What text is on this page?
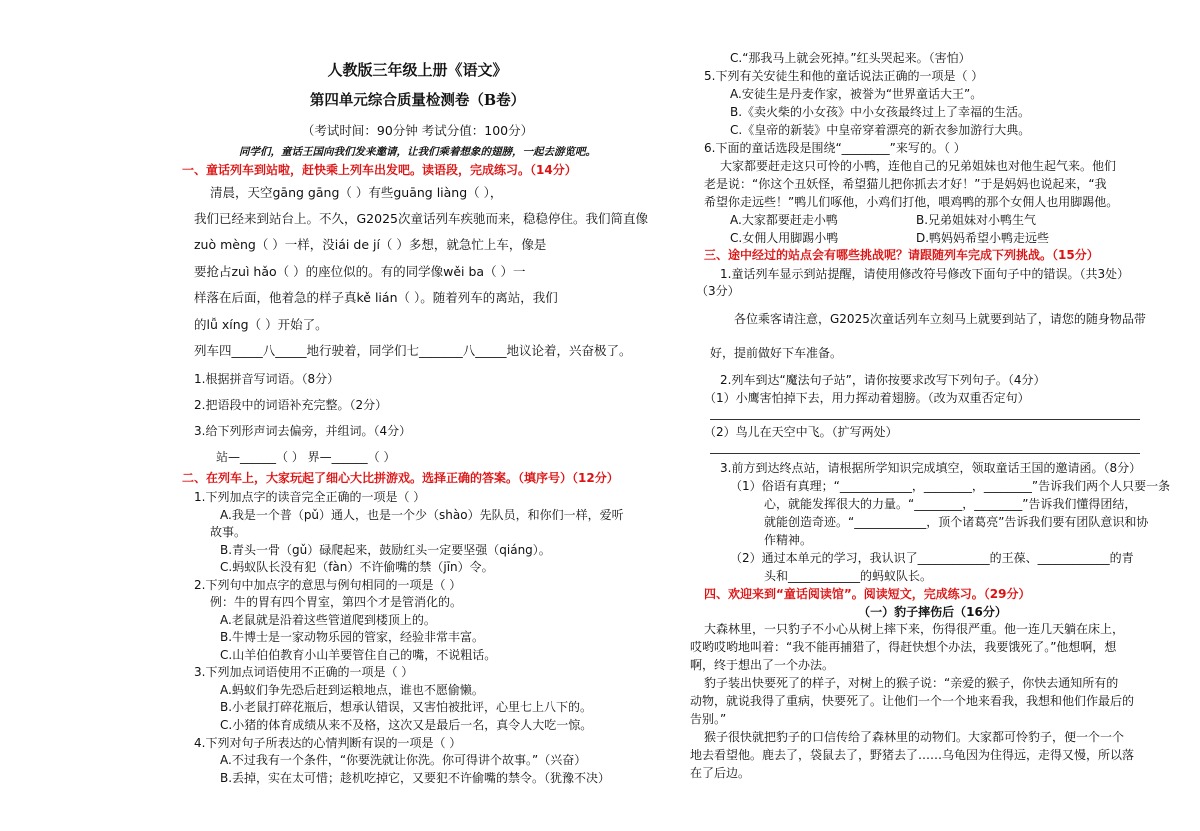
人教版三年级上册《语文》
第四单元综合质量检测卷（B卷）
（考试时间：90分钟 考试分值：100分）
同学们，童话王国向我们发来邀请，让我们乘着想象的翅膀，一起去游览吧。
一、童话列车到站啦，赶快乘上列车出发吧。读语段，完成练习。（14分）
清晨，天空gāng gāng（ ）有些guāng liàng（ ），
我们已经来到站台上。不久，G2025次童话列车疾驰而来，稳稳停住。我们简直像
zuò mèng（ ）一样，没iái de jí（ ）多想，就急忙上车，像是
要抢占zuì hǎo（ ）的座位似的。有的同学像wěi ba（ ）一
样落在后面，他着急的样子真kě lián（ ）。随着列车的离站，我们
的lǚ xíng（ ）开始了。
列车四_____八_____地行驶着，同学们七_______八_____地议论着，兴奋极了。
1.根据拼音写词语。（8分）
2.把语段中的词语补充完整。（2分）
3.给下列形声词去偏旁，并组词。（4分）
站—______（ ） 界—______（ ）
二、在列车上，大家玩起了细心大比拼游戏。选择正确的答案。（填序号）（12分）
1.下列加点字的读音完全正确的一项是（ ）
A.我是一个普（pǔ）通人，也是一个少（shào）先队员，和你们一样，爱听
故事。
B.青头一骨（gǔ）碌爬起来，鼓励红头一定要坚强（qiáng）。
C.蚂蚁队长没有犯（fàn）不许偷嘴的禁（jīn）令。
2.下列句中加点字的意思与例句相同的一项是（ ）
例：牛的胃有四个胃室，第四个才是管消化的。
A.老鼠就是沿着这些管道爬到楼顶上的。
B.牛博士是一家动物乐园的管家，经验非常丰富。
C.山羊伯伯教育小山羊要管住自己的嘴，不说粗话。
3.下列加点词语使用不正确的一项是（ ）
A.蚂蚁们争先恐后赶到运粮地点，谁也不愿偷懒。
B.小老鼠打碎花瓶后，想承认错误，又害怕被批评，心里七上八下的。
C.小猪的体育成绩从来不及格，这次又是最后一名，真令人大吃一惊。
4.下列对句子所表达的心情判断有误的一项是（ ）
A.不过我有一个条件，“你要洗就让你洗。你可得讲个故事。”（兴奋）
B.丢掉，实在太可惜；趁机吃掉它，又要犯不许偷嘴的禁令。（犹豫不决）
C.“那我马上就会死掉。”红头哭起来。（害怕）
5.下列有关安徒生和他的童话说法正确的一项是（ ）
A.安徒生是丹麦作家，被誉为“世界童话大王”。
B.《卖火柴的小女孩》中小女孩最终过上了幸福的生活。
C.《皇帝的新装》中皇帝穿着漂亮的新衣参加游行大典。
6.下面的童话选段是围绕“________”来写的。（ ）
大家都要赶走这只可怜的小鸭，连他自己的兄弟姐妹也对他生起气来。他们
老是说：“你这个丑妖怪，希望猫儿把你抓去才好！”于是妈妈也说起来，“我
希望你走远些！”鸭儿们啄他，小鸡们打他，喂鸡鸭的那个女佣人也用脚踢他。
A.大家都要赶走小鸭	B.兄弟姐妹对小鸭生气
C.女佣人用脚踢小鸭	D.鸭妈妈希望小鸭走远些
三、途中经过的站点会有哪些挑战呢？请跟随列车完成下列挑战。（15分）
1.童话列车显示到站提醒，请使用修改符号修改下面句子中的错误。（共3处）
（3分）
各位乘客请注意，G2025次童话列车立刻马上就要到站了，请您的随身物品带
好，提前做好下车准备。
2.列车到达“魔法句子站”，请你按要求改写下列句子。（4分）
（1）小鹰害怕掉下去，用力挥动着翅膀。（改为双重否定句）
（2）鸟儿在天空中飞。（扩写两处）
3.前方到达终点站，请根据所学知识完成填空，领取童话王国的邀请函。（8分）
（1）俗语有真理；“____________，________，________”告诉我们两个人只要一条
心，就能发挥很大的力量。“________，________”告诉我们懂得团结，
就能创造奇迹。“____________，顶个诸葛亮”告诉我们要有团队意识和协
作精神。
（2）通过本单元的学习，我认识了____________的王葆、____________的青
头和____________的蚂蚁队长。
四、欢迎来到“童话阅读馆”。阅读短文，完成练习。（29分）
（一）豹子摔伤后（16分）
大森林里，一只豹子不小心从树上摔下来，伤得很严重。他一连几天躺在床上，
哎哟哎哟地叫着：“我不能再捕猎了，得赶快想个办法，我要饿死了。”他想啊，想
啊，终于想出了一个办法。
豹子装出快要死了的样子，对树上的猴子说：“亲爱的猴子，你快去通知所有的
动物，就说我得了重病，快要死了。让他们一个一个地来看我，我想和他们作最后的
告别。”
猴子很快就把豹子的口信传给了森林里的动物们。大家都可怜豹子，便一个一个
地去看望他。鹿去了，袋鼠去了，野猪去了……乌龟因为住得远，走得又慢，所以落
在了后边。
